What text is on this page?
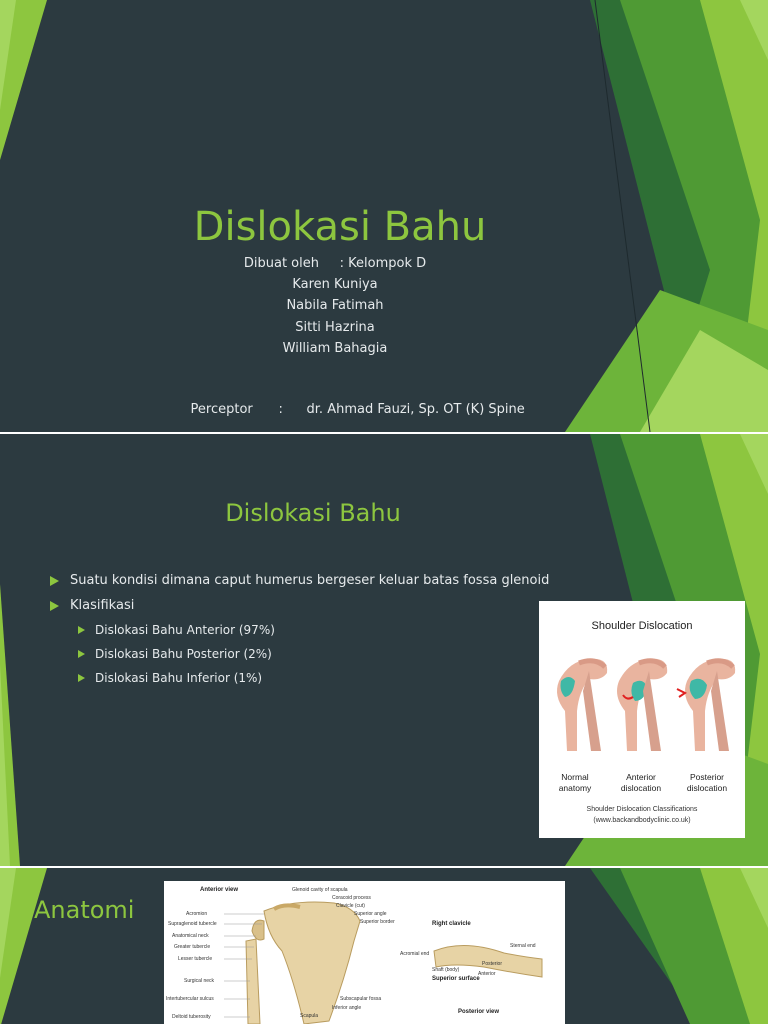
Dislokasi Bahu
Dibuat oleh     : Kelompok D
Karen Kuniya
Nabila Fatimah
Sitti Hazrina
William Bahagia

Perceptor : dr. Ahmad Fauzi, Sp. OT (K) Spine

Dislokasi Bahu
Suatu kondisi dimana caput humerus bergeser keluar batas fossa glenoid
Klasifikasi
Dislokasi Bahu Anterior (97%)
Dislokasi Bahu Posterior (2%)
Dislokasi Bahu Inferior (1%)
Shoulder Dislocation
Normal anatomy
Anterior dislocation
Posterior dislocation
Shoulder Dislocation Classifications
(www.backandbodyclinic.co.uk)
Anatomi
Anterior view
Right clavicle
Posterior view
Acromion
Supraglenoid tubercle
Anatomical neck
Greater tubercle
Lesser tubercle
Surgical neck
Intertubercular sulcus
Deltoid tuberosity
Glenoid cavity of scapula
Coracoid process
Clavicle (cut)
Superior angle
Superior border
Subscapular fossa
Inferior angle
Scapula
Acromial end
Shaft (body)
Superior surface
Sternal end
Posterior
Anterior
